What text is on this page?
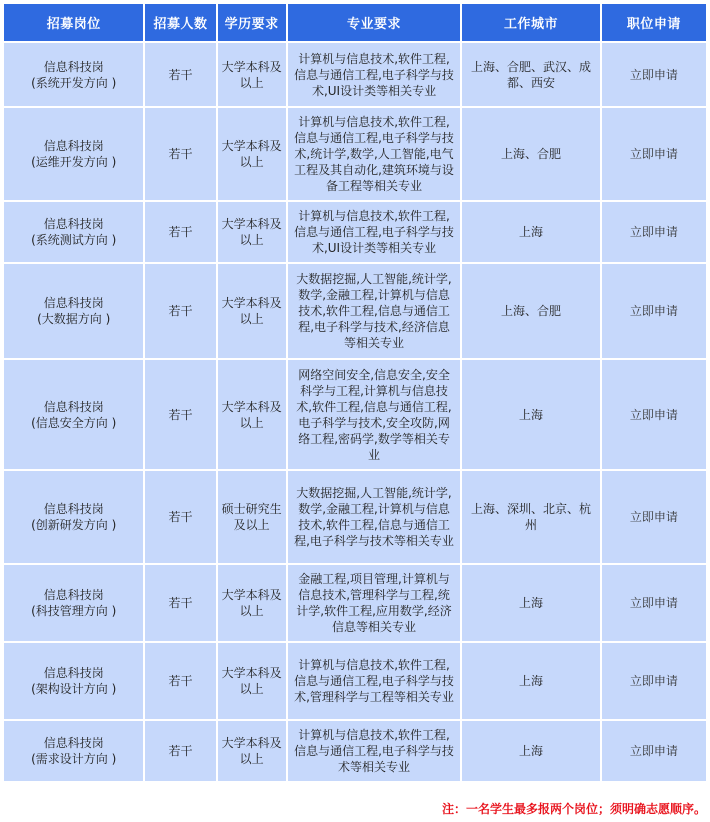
招募岗位	招募人数	学历要求	专业要求	工作城市	职位申请

信息科技岗
(系统开发方向 )	若干	大学本科及以上	计算机与信息技术,软件工程,信息与通信工程,电子科学与技术,UI设计类等相关专业	上海、合肥、武汉、成都、西安	立即申请

信息科技岗
(运维开发方向 )	若干	大学本科及以上	计算机与信息技术,软件工程,信息与通信工程,电子科学与技术,统计学,数学,人工智能,电气工程及其自动化,建筑环境与设备工程等相关专业	上海、合肥	立即申请

信息科技岗
(系统测试方向 )	若干	大学本科及以上	计算机与信息技术,软件工程,信息与通信工程,电子科学与技术,UI设计类等相关专业	上海	立即申请

信息科技岗
(大数据方向 )	若干	大学本科及以上	大数据挖掘,人工智能,统计学,数学,金融工程,计算机与信息技术,软件工程,信息与通信工程,电子科学与技术,经济信息等相关专业	上海、合肥	立即申请

信息科技岗
(信息安全方向 )	若干	大学本科及以上	网络空间安全,信息安全,安全科学与工程,计算机与信息技术,软件工程,信息与通信工程,电子科学与技术,安全攻防,网络工程,密码学,数学等相关专业	上海	立即申请

信息科技岗
(创新研发方向 )	若干	硕士研究生及以上	大数据挖掘,人工智能,统计学,数学,金融工程,计算机与信息技术,软件工程,信息与通信工程,电子科学与技术等相关专业	上海、深圳、北京、杭州	立即申请

信息科技岗
(科技管理方向 )	若干	大学本科及以上	金融工程,项目管理,计算机与信息技术,管理科学与工程,统计学,软件工程,应用数学,经济信息等相关专业	上海	立即申请

信息科技岗
(架构设计方向 )	若干	大学本科及以上	计算机与信息技术,软件工程,信息与通信工程,电子科学与技术,管理科学与工程等相关专业	上海	立即申请

信息科技岗
(需求设计方向 )	若干	大学本科及以上	计算机与信息技术,软件工程,信息与通信工程,电子科学与技术等相关专业	上海	立即申请
注：一名学生最多报两个岗位；须明确志愿顺序。
